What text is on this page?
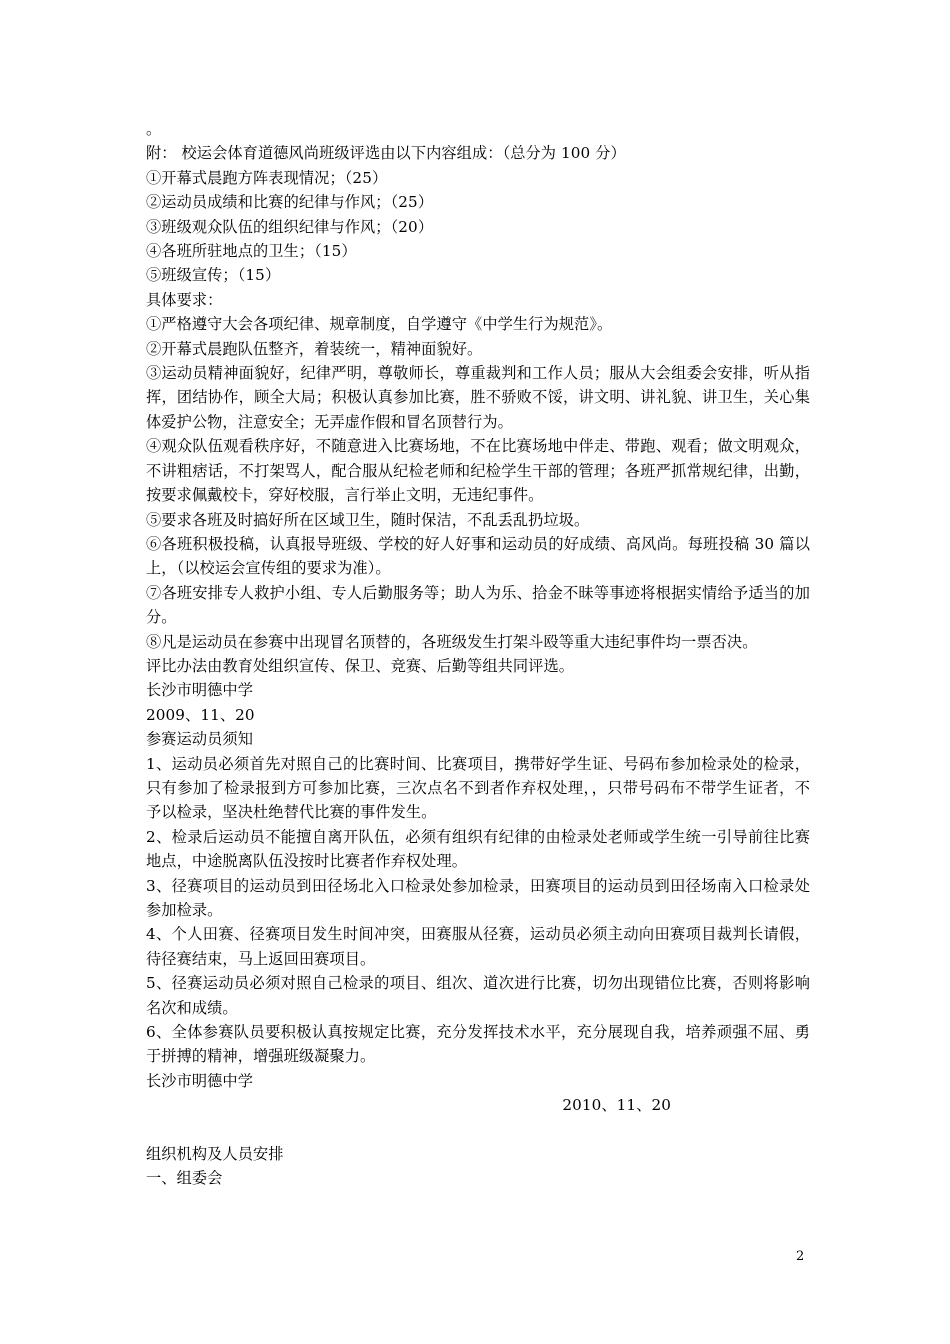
。

附： 校运会体育道德风尚班级评选由以下内容组成：（总分为 100 分）

①开幕式晨跑方阵表现情况；（25）

②运动员成绩和比赛的纪律与作风；（25）

③班级观众队伍的组织纪律与作风；（20）

④各班所驻地点的卫生；（15）

⑤班级宣传；（15）

具体要求：

①严格遵守大会各项纪律、规章制度，自学遵守《中学生行为规范》。

②开幕式晨跑队伍整齐，着装统一，精神面貌好。

③运动员精神面貌好，纪律严明，尊敬师长，尊重裁判和工作人员；服从大会组委会安排，听从指挥，团结协作，顾全大局；积极认真参加比赛，胜不骄败不馁，讲文明、讲礼貌、讲卫生，关心集体爱护公物，注意安全；无弄虚作假和冒名顶替行为。

④观众队伍观看秩序好，不随意进入比赛场地，不在比赛场地中伴走、带跑、观看；做文明观众，不讲粗痞话，不打架骂人，配合服从纪检老师和纪检学生干部的管理；各班严抓常规纪律，出勤，按要求佩戴校卡，穿好校服，言行举止文明，无违纪事件。

⑤要求各班及时搞好所在区域卫生，随时保洁，不乱丢乱扔垃圾。

⑥各班积极投稿，认真报导班级、学校的好人好事和运动员的好成绩、高风尚。每班投稿 30 篇以上，（以校运会宣传组的要求为准）。

⑦各班安排专人救护小组、专人后勤服务等；助人为乐、拾金不昧等事迹将根据实情给予适当的加分。

⑧凡是运动员在参赛中出现冒名顶替的，各班级发生打架斗殴等重大违纪事件均一票否决。

评比办法由教育处组织宣传、保卫、竞赛、后勤等组共同评选。

长沙市明德中学

2009、11、20

参赛运动员须知

1、运动员必须首先对照自己的比赛时间、比赛项目，携带好学生证、号码布参加检录处的检录，只有参加了检录报到方可参加比赛，三次点名不到者作弃权处理，，只带号码布不带学生证者，不予以检录，坚决杜绝替代比赛的事件发生。

2、检录后运动员不能擅自离开队伍，必须有组织有纪律的由检录处老师或学生统一引导前往比赛地点，中途脱离队伍没按时比赛者作弃权处理。

3、径赛项目的运动员到田径场北入口检录处参加检录，田赛项目的运动员到田径场南入口检录处参加检录。

4、个人田赛、径赛项目发生时间冲突，田赛服从径赛，运动员必须主动向田赛项目裁判长请假，待径赛结束，马上返回田赛项目。

5、径赛运动员必须对照自己检录的项目、组次、道次进行比赛，切勿出现错位比赛，否则将影响名次和成绩。

6、全体参赛队员要积极认真按规定比赛，充分发挥技术水平，充分展现自我，培养顽强不屈、勇于拼搏的精神，增强班级凝聚力。

长沙市明德中学

2010、11、20

组织机构及人员安排

一、组委会

2
